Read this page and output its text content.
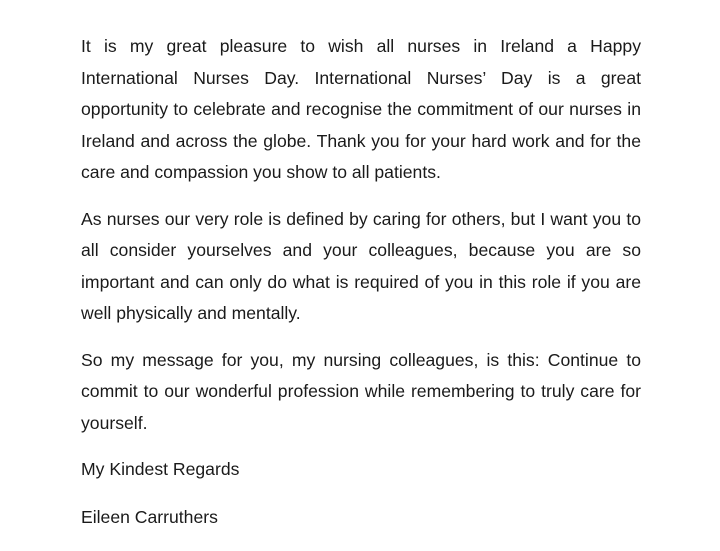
It is my great pleasure to wish all nurses in Ireland a Happy International Nurses Day. International Nurses’ Day is a great opportunity to celebrate and recognise the commitment of our nurses in Ireland and across the globe. Thank you for your hard work and for the care and compassion you show to all patients.

As nurses our very role is defined by caring for others, but I want you to all consider yourselves and your colleagues, because you are so important and can only do what is required of you in this role if you are well physically and mentally.

So my message for you, my nursing colleagues, is this: Continue to commit to our wonderful profession while remembering to truly care for yourself.

My Kindest Regards

Eileen Carruthers
